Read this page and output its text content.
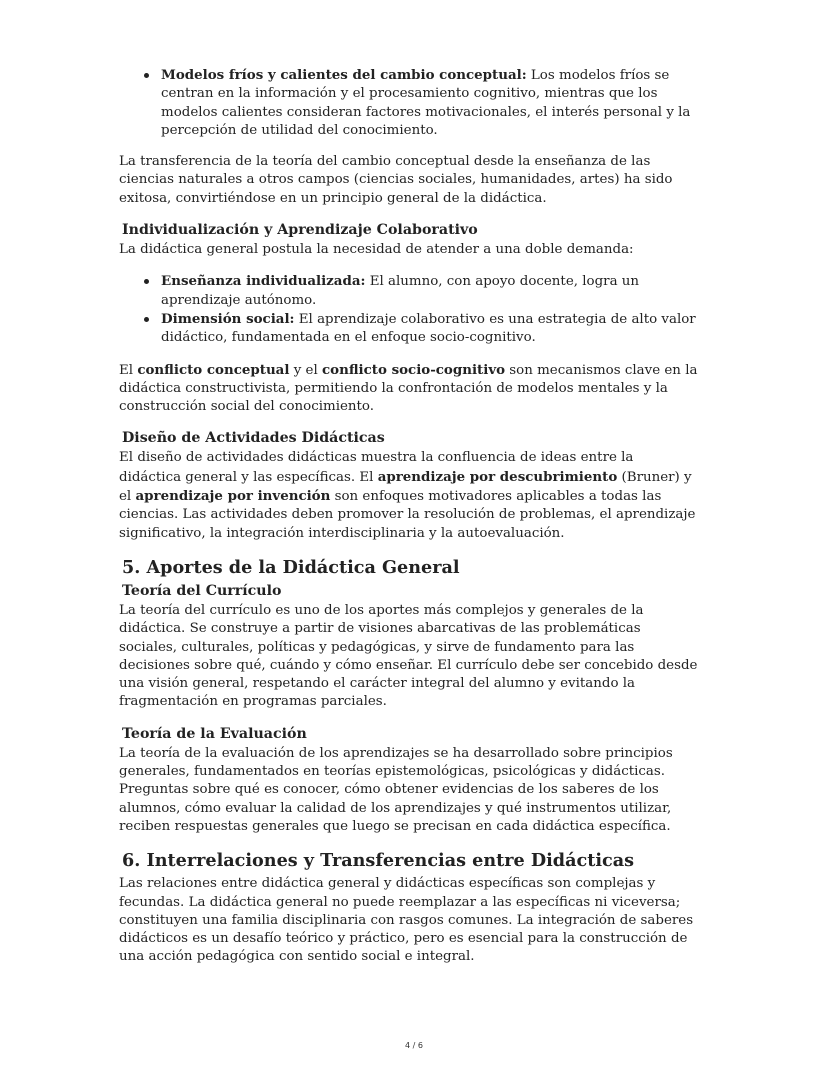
Modelos fríos y calientes del cambio conceptual: Los modelos fríos se centran en la información y el procesamiento cognitivo, mientras que los modelos calientes consideran factores motivacionales, el interés personal y la percepción de utilidad del conocimiento.

La transferencia de la teoría del cambio conceptual desde la enseñanza de las ciencias naturales a otros campos (ciencias sociales, humanidades, artes) ha sido exitosa, convirtiéndose en un principio general de la didáctica.

Individualización y Aprendizaje Colaborativo

La didáctica general postula la necesidad de atender a una doble demanda:

Enseñanza individualizada: El alumno, con apoyo docente, logra un aprendizaje autónomo.
Dimensión social: El aprendizaje colaborativo es una estrategia de alto valor didáctico, fundamentada en el enfoque socio-cognitivo.

El conflicto conceptual y el conflicto socio-cognitivo son mecanismos clave en la didáctica constructivista, permitiendo la confrontación de modelos mentales y la construcción social del conocimiento.

Diseño de Actividades Didácticas

El diseño de actividades didácticas muestra la confluencia de ideas entre la didáctica general y las específicas. El aprendizaje por descubrimiento (Bruner) y el aprendizaje por invención son enfoques motivadores aplicables a todas las ciencias. Las actividades deben promover la resolución de problemas, el aprendizaje significativo, la integración interdisciplinaria y la autoevaluación.

5. Aportes de la Didáctica General
Teoría del Currículo

La teoría del currículo es uno de los aportes más complejos y generales de la didáctica. Se construye a partir de visiones abarcativas de las problemáticas sociales, culturales, políticas y pedagógicas, y sirve de fundamento para las decisiones sobre qué, cuándo y cómo enseñar. El currículo debe ser concebido desde una visión general, respetando el carácter integral del alumno y evitando la fragmentación en programas parciales.

Teoría de la Evaluación

La teoría de la evaluación de los aprendizajes se ha desarrollado sobre principios generales, fundamentados en teorías epistemológicas, psicológicas y didácticas. Preguntas sobre qué es conocer, cómo obtener evidencias de los saberes de los alumnos, cómo evaluar la calidad de los aprendizajes y qué instrumentos utilizar, reciben respuestas generales que luego se precisan en cada didáctica específica.

6. Interrelaciones y Transferencias entre Didácticas

Las relaciones entre didáctica general y didácticas específicas son complejas y fecundas. La didáctica general no puede reemplazar a las específicas ni viceversa; constituyen una familia disciplinaria con rasgos comunes. La integración de saberes didácticos es un desafío teórico y práctico, pero es esencial para la construcción de una acción pedagógica con sentido social e integral.

4 / 6
